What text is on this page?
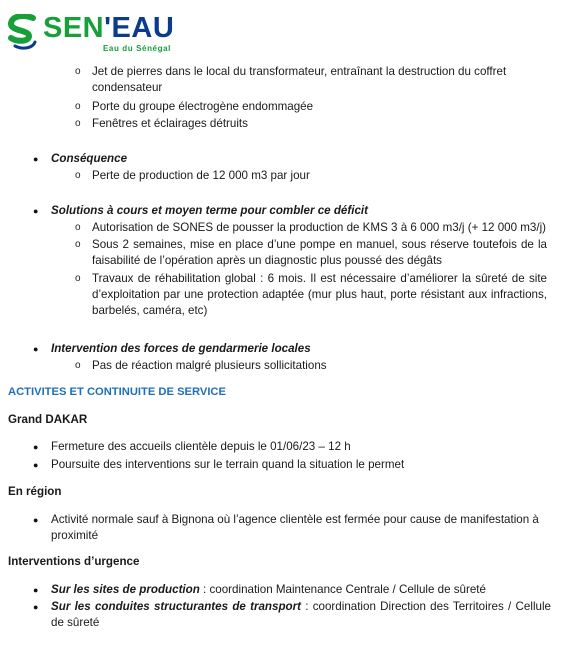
SEN'EAU
Eau du Sénégal
o Jet de pierres dans le local du transformateur, entraînant la destruction du coffret condensateur
o Porte du groupe électrogène endommagée
o Fenêtres et éclairages détruits
● Conséquence
o Perte de production de 12 000 m3 par jour
● Solutions à cours et moyen terme pour combler ce déficit
o Autorisation de SONES de pousser la production de KMS 3 à 6 000 m3/j (+ 12 000 m3/j)
o Sous 2 semaines, mise en place d’une pompe en manuel, sous réserve toutefois de la faisabilité de l’opération après un diagnostic plus poussé des dégâts
o Travaux de réhabilitation global : 6 mois. Il est nécessaire d’améliorer la sûreté de site d’exploitation par une protection adaptée (mur plus haut, porte résistant aux infractions, barbelés, caméra, etc)
● Intervention des forces de gendarmerie locales
o Pas de réaction malgré plusieurs sollicitations
ACTIVITES ET CONTINUITE DE SERVICE
Grand DAKAR
● Fermeture des accueils clientèle depuis le 01/06/23 – 12 h
● Poursuite des interventions sur le terrain quand la situation le permet
En région
● Activité normale sauf à Bignona où l’agence clientèle est fermée pour cause de manifestation à proximité
Interventions d’urgence
● Sur les sites de production : coordination Maintenance Centrale / Cellule de sûreté
● Sur les conduites structurantes de transport : coordination Direction des Territoires / Cellule de sûreté
